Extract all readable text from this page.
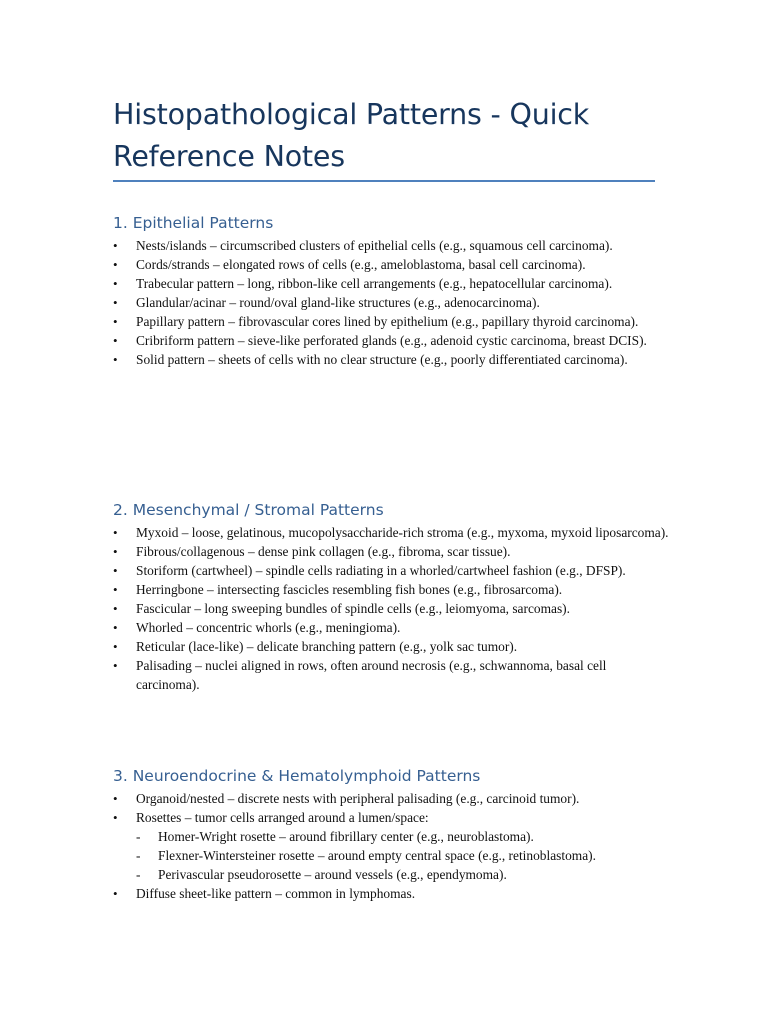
Histopathological Patterns - Quick Reference Notes
1. Epithelial Patterns
•	Nests/islands – circumscribed clusters of epithelial cells (e.g., squamous cell carcinoma).
•	Cords/strands – elongated rows of cells (e.g., ameloblastoma, basal cell carcinoma).
•	Trabecular pattern – long, ribbon-like cell arrangements (e.g., hepatocellular carcinoma).
•	Glandular/acinar – round/oval gland-like structures (e.g., adenocarcinoma).
•	Papillary pattern – fibrovascular cores lined by epithelium (e.g., papillary thyroid carcinoma).
•	Cribriform pattern – sieve-like perforated glands (e.g., adenoid cystic carcinoma, breast DCIS).
•	Solid pattern – sheets of cells with no clear structure (e.g., poorly differentiated carcinoma).
2. Mesenchymal / Stromal Patterns
•	Myxoid – loose, gelatinous, mucopolysaccharide-rich stroma (e.g., myxoma, myxoid liposarcoma).
•	Fibrous/collagenous – dense pink collagen (e.g., fibroma, scar tissue).
•	Storiform (cartwheel) – spindle cells radiating in a whorled/cartwheel fashion (e.g., DFSP).
•	Herringbone – intersecting fascicles resembling fish bones (e.g., fibrosarcoma).
•	Fascicular – long sweeping bundles of spindle cells (e.g., leiomyoma, sarcomas).
•	Whorled – concentric whorls (e.g., meningioma).
•	Reticular (lace-like) – delicate branching pattern (e.g., yolk sac tumor).
•	Palisading – nuclei aligned in rows, often around necrosis (e.g., schwannoma, basal cell carcinoma).
3. Neuroendocrine & Hematolymphoid Patterns
•	Organoid/nested – discrete nests with peripheral palisading (e.g., carcinoid tumor).
•	Rosettes – tumor cells arranged around a lumen/space:
- Homer-Wright rosette – around fibrillary center (e.g., neuroblastoma).
- Flexner-Wintersteiner rosette – around empty central space (e.g., retinoblastoma).
- Perivascular pseudorosette – around vessels (e.g., ependymoma).
•	Diffuse sheet-like pattern – common in lymphomas.
